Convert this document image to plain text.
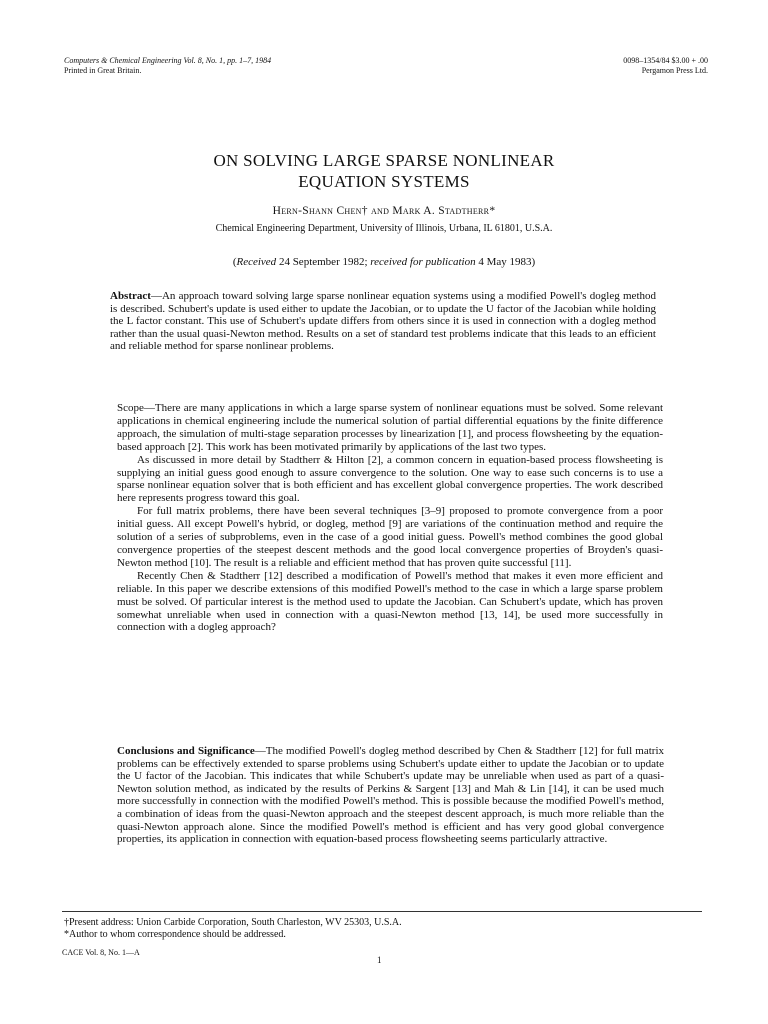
Computers & Chemical Engineering Vol. 8, No. 1, pp. 1–7, 1984
Printed in Great Britain.
0098–1354/84 $3.00 + .00
Pergamon Press Ltd.
ON SOLVING LARGE SPARSE NONLINEAR
EQUATION SYSTEMS
Hern-Shann Chen† and Mark A. Stadtherr*
Chemical Engineering Department, University of Illinois, Urbana, IL 61801, U.S.A.
(Received 24 September 1982; received for publication 4 May 1983)
Abstract—An approach toward solving large sparse nonlinear equation systems using a modified Powell's dogleg method is described. Schubert's update is used either to update the Jacobian, or to update the U factor of the Jacobian while holding the L factor constant. This use of Schubert's update differs from others since it is used in connection with a dogleg method rather than the usual quasi-Newton method. Results on a set of standard test problems indicate that this leads to an efficient and reliable method for sparse nonlinear problems.

Scope—There are many applications in which a large sparse system of nonlinear equations must be solved. Some relevant applications in chemical engineering include the numerical solution of partial differential equations by the finite difference approach, the simulation of multi-stage separation processes by linearization [1], and process flowsheeting by the equation-based approach [2]. This work has been motivated primarily by applications of the last two types.

As discussed in more detail by Stadtherr & Hilton [2], a common concern in equation-based process flowsheeting is supplying an initial guess good enough to assure convergence to the solution. One way to ease such concerns is to use a sparse nonlinear equation solver that is both efficient and has excellent global convergence properties. The work described here represents progress toward this goal.

For full matrix problems, there have been several techniques [3–9] proposed to promote convergence from a poor initial guess. All except Powell's hybrid, or dogleg, method [9] are variations of the continuation method and require the solution of a series of subproblems, even in the case of a good initial guess. Powell's method combines the good global convergence properties of the steepest descent methods and the good local convergence properties of Broyden's quasi-Newton method [10]. The result is a reliable and efficient method that has proven quite successful [11].

Recently Chen & Stadtherr [12] described a modification of Powell's method that makes it even more efficient and reliable. In this paper we describe extensions of this modified Powell's method to the case in which a large sparse problem must be solved. Of particular interest is the method used to update the Jacobian. Can Schubert's update, which has proven somewhat unreliable when used in connection with a quasi-Newton method [13, 14], be used more successfully in connection with a dogleg approach?

Conclusions and Significance—The modified Powell's dogleg method described by Chen & Stadtherr [12] for full matrix problems can be effectively extended to sparse problems using Schubert's update either to update the Jacobian or to update the U factor of the Jacobian. This indicates that while Schubert's update may be unreliable when used as part of a quasi-Newton solution method, as indicated by the results of Perkins & Sargent [13] and Mah & Lin [14], it can be used much more successfully in connection with the modified Powell's method. This is possible because the modified Powell's method, a combination of ideas from the quasi-Newton approach and the steepest descent approach, is much more reliable than the quasi-Newton approach alone. Since the modified Powell's method is efficient and has very good global convergence properties, its application in connection with equation-based process flowsheeting seems particularly attractive.
†Present address: Union Carbide Corporation, South Charleston, WV 25303, U.S.A.
*Author to whom correspondence should be addressed.
CACE Vol. 8, No. 1—A
1
